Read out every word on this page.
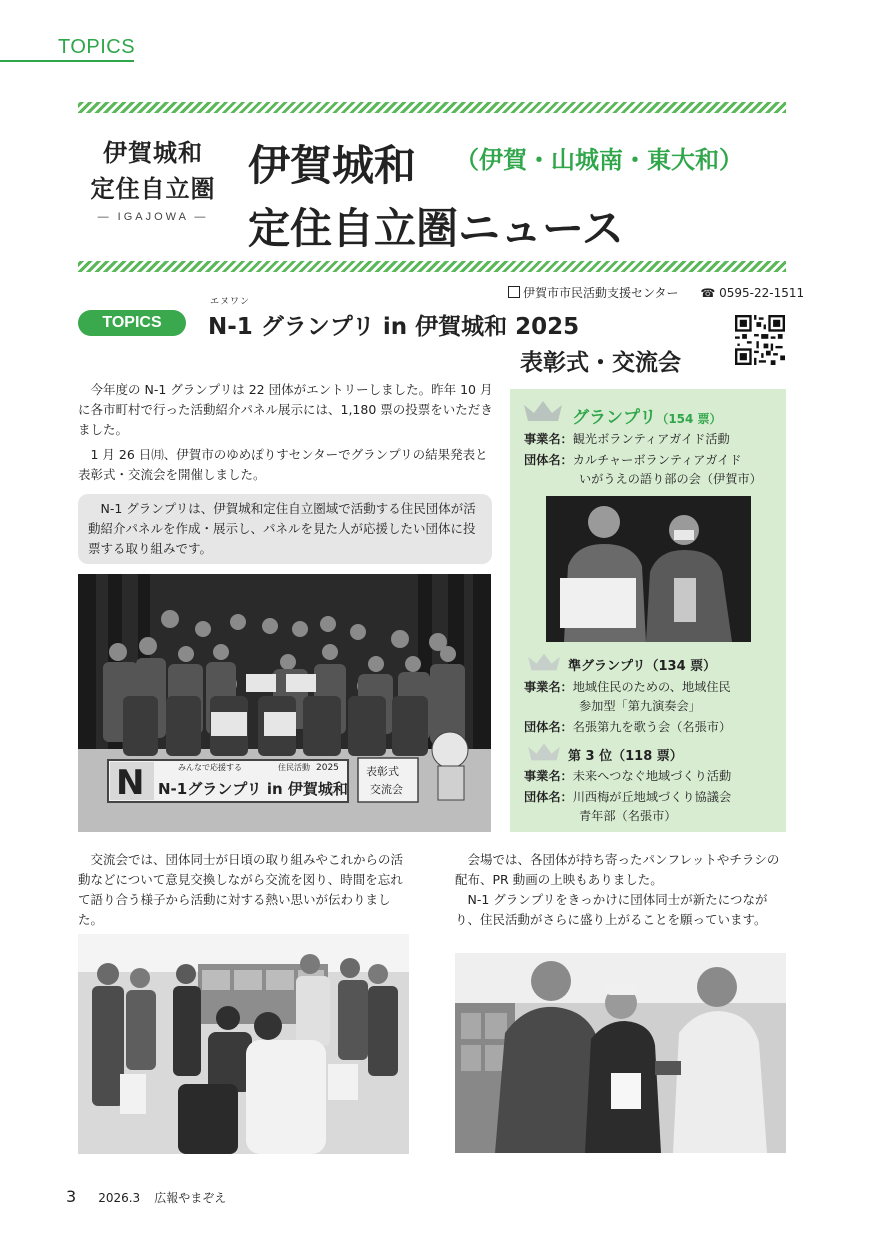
TOPICS
伊賀城和
定住自立圏
— IGAJOWA —
伊賀城和 （伊賀・山城南・東大和）
定住自立圏ニュース
伊賀市市民活動支援センター ☎ 0595-22-1511
TOPICS
エヌワン
N-1 グランプリ in 伊賀城和 2025
表彰式・交流会
今年度の N-1 グランプリは 22 団体がエントリーしました。昨年 10 月に各市町村で行った活動紹介パネル展示には、1,180 票の投票をいただきました。
1 月 26 日㈪、伊賀市のゆめぽりすセンターでグランプリの結果発表と表彰式・交流会を開催しました。
N-1 グランプリは、伊賀城和定住自立圏域で活動する住民団体が活動紹介パネルを作成・展示し、パネルを見た人が応援したい団体に投票する取り組みです。
N	みんなで応援する	住民活動 2025
N-1グランプリ in 伊賀城和
表彰式
交流会
グランプリ（154 票）
事業名：観光ボランティアガイド活動
団体名：カルチャーボランティアガイド
いがうえの語り部の会（伊賀市）
準グランプリ（134 票）
事業名：地域住民のための、地域住民
参加型「第九演奏会」
団体名：名張第九を歌う会（名張市）
第 3 位（118 票）
事業名：未来へつなぐ地域づくり活動
団体名：川西梅が丘地域づくり協議会
青年部（名張市）
交流会では、団体同士が日頃の取り組みやこれからの活動などについて意見交換しながら交流を図り、時間を忘れて語り合う様子から活動に対する熱い思いが伝わりました。
会場では、各団体が持ち寄ったパンフレットやチラシの配布、PR 動画の上映もありました。
N-1 グランプリをきっかけに団体同士が新たにつながり、住民活動がさらに盛り上がることを願っています。
3 2026.3 広報やまぞえ
